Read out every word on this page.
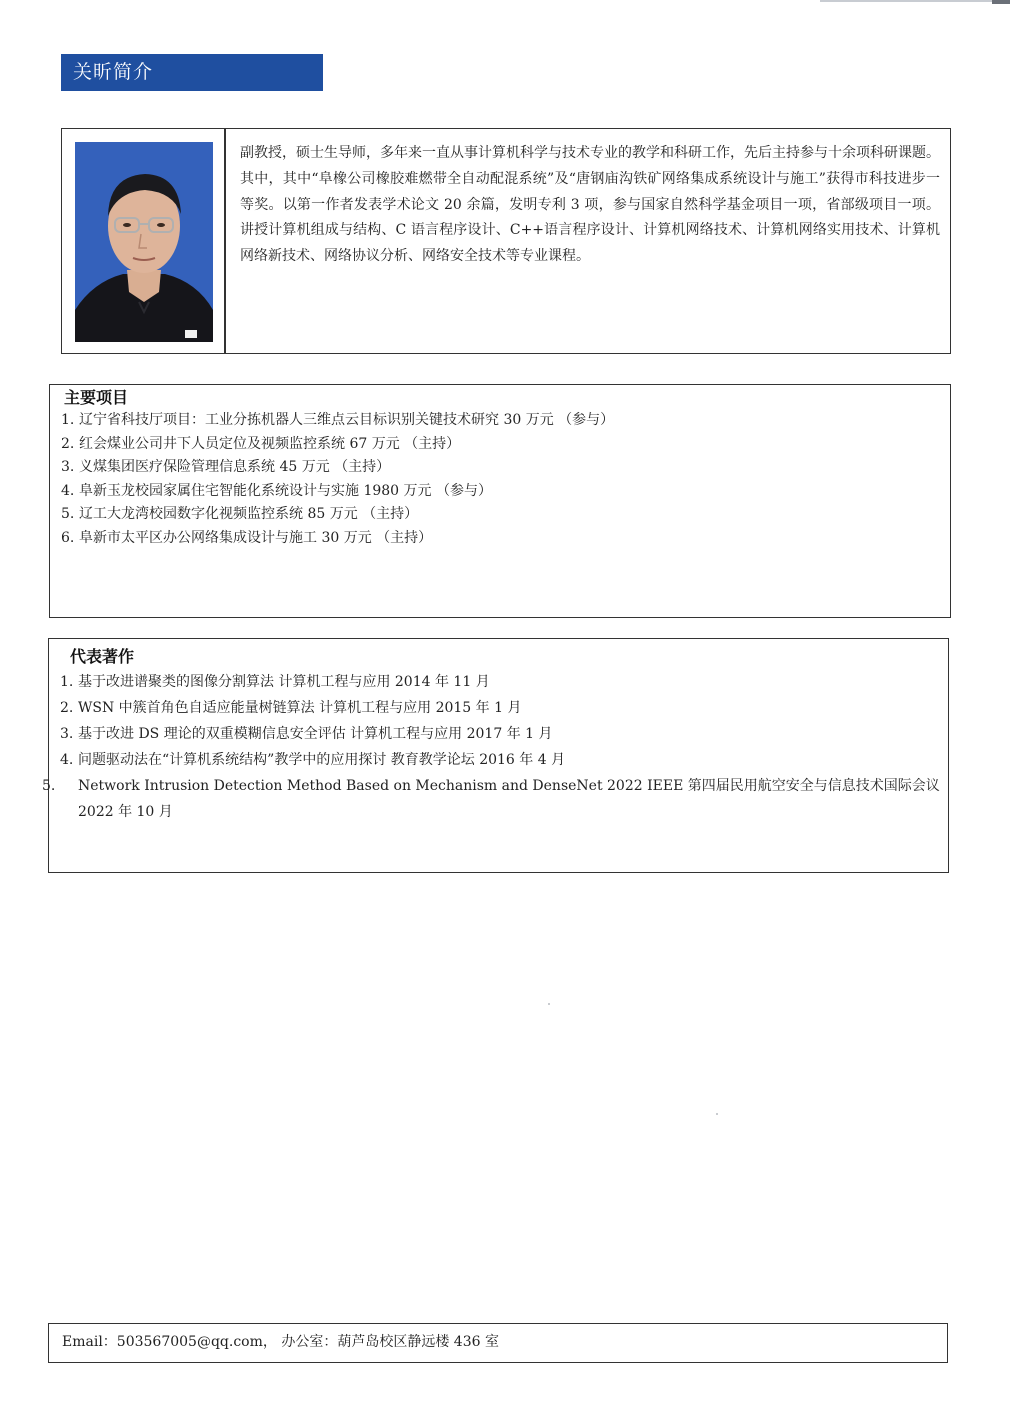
关昕简介
副教授，硕士生导师，多年来一直从事计算机科学与技术专业的教学和科研工作，先后主持参与十余项科研课题。其中，其中“阜橡公司橡胶难燃带全自动配混系统”及“唐钢庙沟铁矿网络集成系统设计与施工”获得市科技进步一等奖。以第一作者发表学术论文 20 余篇，发明专利 3 项，参与国家自然科学基金项目一项，省部级项目一项。讲授计算机组成与结构、C 语言程序设计、C++语言程序设计、计算机网络技术、计算机网络实用技术、计算机网络新技术、网络协议分析、网络安全技术等专业课程。
主要项目
1. 辽宁省科技厅项目：工业分拣机器人三维点云目标识别关键技术研究 30 万元 （参与）
2. 红会煤业公司井下人员定位及视频监控系统 67 万元 （主持）
3. 义煤集团医疗保险管理信息系统 45 万元 （主持）
4. 阜新玉龙校园家属住宅智能化系统设计与实施 1980 万元 （参与）
5. 辽工大龙湾校园数字化视频监控系统 85 万元 （主持）
6. 阜新市太平区办公网络集成设计与施工 30 万元 （主持）
代表著作
1. 基于改进谱聚类的图像分割算法 计算机工程与应用 2014 年 11 月
2. WSN 中簇首角色自适应能量树链算法 计算机工程与应用 2015 年 1 月
3. 基于改进 DS 理论的双重模糊信息安全评估 计算机工程与应用 2017 年 1 月
4. 问题驱动法在“计算机系统结构”教学中的应用探讨 教育教学论坛 2016 年 4 月
5. Network Intrusion Detection Method Based on Mechanism and DenseNet 2022 IEEE 第四届民用航空安全与信息技术国际会议 2022 年 10 月
Email：503567005@qq.com， 办公室：葫芦岛校区静远楼 436 室
